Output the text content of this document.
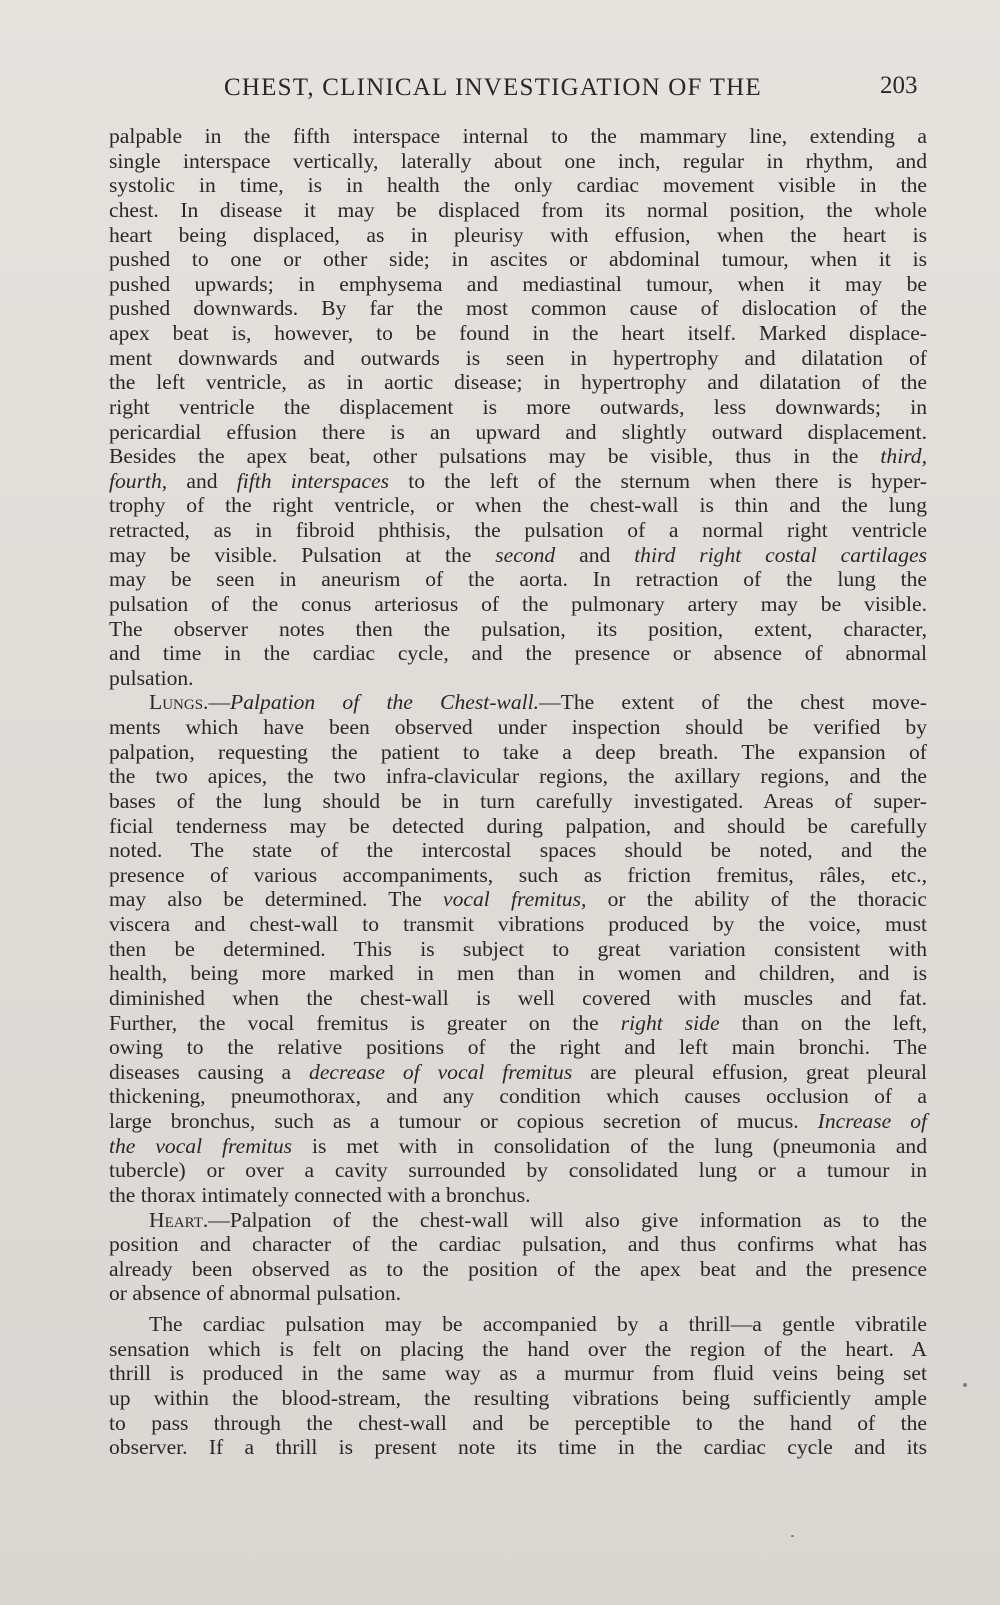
CHEST, CLINICAL INVESTIGATION OF THE	203
palpable in the fifth interspace internal to the mammary line, extending a
single interspace vertically, laterally about one inch, regular in rhythm, and
systolic in time, is in health the only cardiac movement visible in the
chest. In disease it may be displaced from its normal position, the whole
heart being displaced, as in pleurisy with effusion, when the heart is
pushed to one or other side; in ascites or abdominal tumour, when it is
pushed upwards; in emphysema and mediastinal tumour, when it may be
pushed downwards. By far the most common cause of dislocation of the
apex beat is, however, to be found in the heart itself. Marked displace-
ment downwards and outwards is seen in hypertrophy and dilatation of
the left ventricle, as in aortic disease; in hypertrophy and dilatation of the
right ventricle the displacement is more outwards, less downwards; in
pericardial effusion there is an upward and slightly outward displacement.
Besides the apex beat, other pulsations may be visible, thus in the third,
fourth, and fifth interspaces to the left of the sternum when there is hyper-
trophy of the right ventricle, or when the chest-wall is thin and the lung
retracted, as in fibroid phthisis, the pulsation of a normal right ventricle
may be visible. Pulsation at the second and third right costal cartilages
may be seen in aneurism of the aorta. In retraction of the lung the
pulsation of the conus arteriosus of the pulmonary artery may be visible.
The observer notes then the pulsation, its position, extent, character,
and time in the cardiac cycle, and the presence or absence of abnormal
pulsation.
Lungs.—Palpation of the Chest-wall.—The extent of the chest move-
ments which have been observed under inspection should be verified by
palpation, requesting the patient to take a deep breath. The expansion of
the two apices, the two infra-clavicular regions, the axillary regions, and the
bases of the lung should be in turn carefully investigated. Areas of super-
ficial tenderness may be detected during palpation, and should be carefully
noted. The state of the intercostal spaces should be noted, and the
presence of various accompaniments, such as friction fremitus, râles, etc.,
may also be determined. The vocal fremitus, or the ability of the thoracic
viscera and chest-wall to transmit vibrations produced by the voice, must
then be determined. This is subject to great variation consistent with
health, being more marked in men than in women and children, and is
diminished when the chest-wall is well covered with muscles and fat.
Further, the vocal fremitus is greater on the right side than on the left,
owing to the relative positions of the right and left main bronchi. The
diseases causing a decrease of vocal fremitus are pleural effusion, great pleural
thickening, pneumothorax, and any condition which causes occlusion of a
large bronchus, such as a tumour or copious secretion of mucus. Increase of
the vocal fremitus is met with in consolidation of the lung (pneumonia and
tubercle) or over a cavity surrounded by consolidated lung or a tumour in
the thorax intimately connected with a bronchus.
Heart.—Palpation of the chest-wall will also give information as to the
position and character of the cardiac pulsation, and thus confirms what has
already been observed as to the position of the apex beat and the presence
or absence of abnormal pulsation.
The cardiac pulsation may be accompanied by a thrill—a gentle vibratile
sensation which is felt on placing the hand over the region of the heart. A
thrill is produced in the same way as a murmur from fluid veins being set
up within the blood-stream, the resulting vibrations being sufficiently ample
to pass through the chest-wall and be perceptible to the hand of the
observer. If a thrill is present note its time in the cardiac cycle and its
